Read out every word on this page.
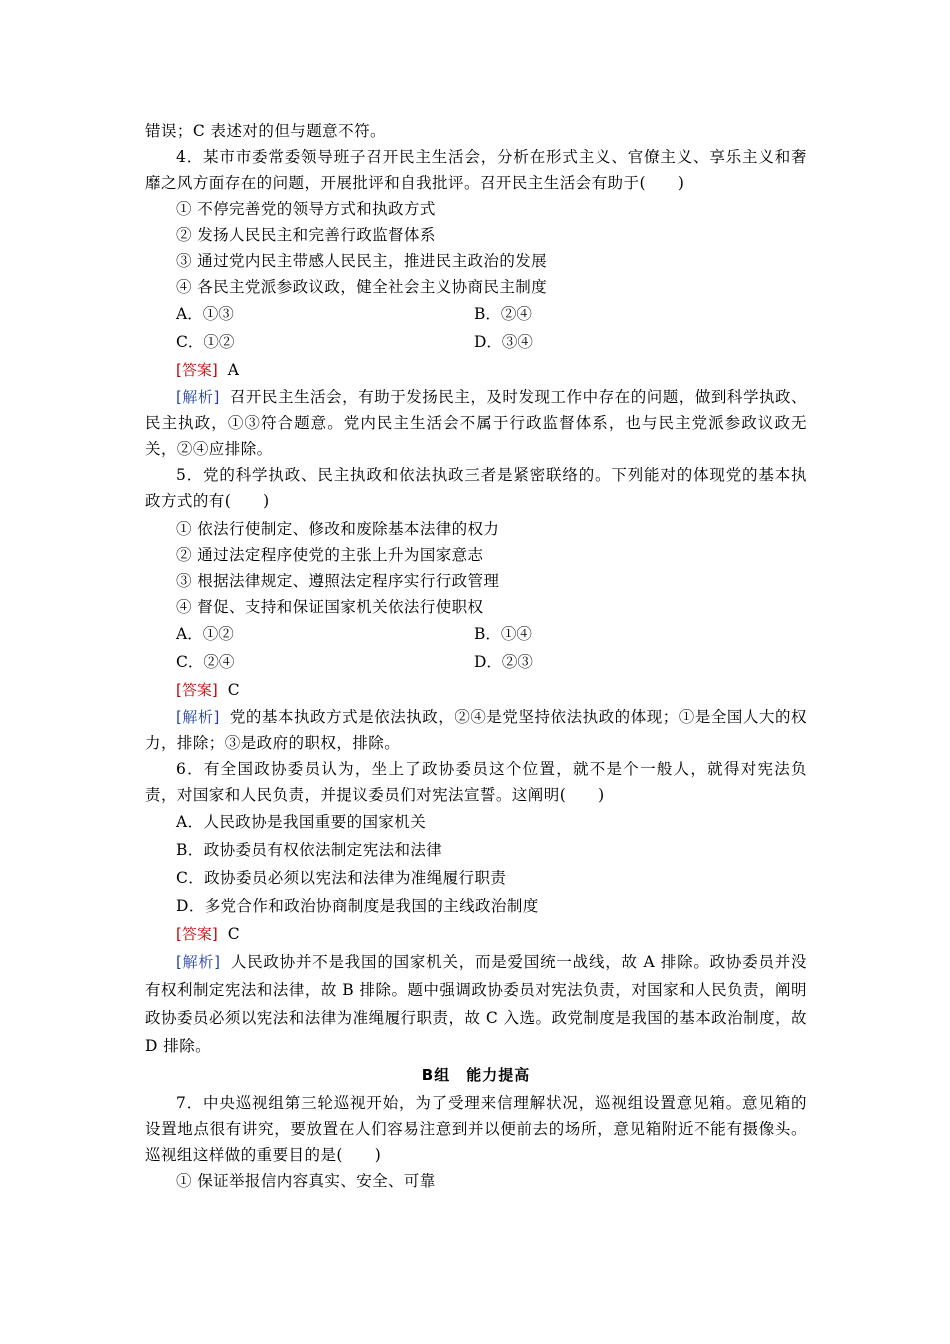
错误；C 表述对的但与题意不符。
4．某市市委常委领导班子召开民主生活会，分析在形式主义、官僚主义、享乐主义和奢靡之风方面存在的问题，开展批评和自我批评。召开民主生活会有助于(　　)
① 不停完善党的领导方式和执政方式
② 发扬人民民主和完善行政监督体系
③ 通过党内民主带感人民民主，推进民主政治的发展
④ 各民主党派参政议政，健全社会主义协商民主制度
A．①③	B．②④
C．①②	D．③④
[答案] A
[解析] 召开民主生活会，有助于发扬民主，及时发现工作中存在的问题，做到科学执政、民主执政，①③符合题意。党内民主生活会不属于行政监督体系，也与民主党派参政议政无关，②④应排除。
5．党的科学执政、民主执政和依法执政三者是紧密联络的。下列能对的体现党的基本执政方式的有(　　)
① 依法行使制定、修改和废除基本法律的权力
② 通过法定程序使党的主张上升为国家意志
③ 根据法律规定、遵照法定程序实行行政管理
④ 督促、支持和保证国家机关依法行使职权
A．①②	B．①④
C．②④	D．②③
[答案] C
[解析] 党的基本执政方式是依法执政，②④是党坚持依法执政的体现；①是全国人大的权力，排除；③是政府的职权，排除。
6．有全国政协委员认为，坐上了政协委员这个位置，就不是个一般人，就得对宪法负责，对国家和人民负责，并提议委员们对宪法宣誓。这阐明(　　)
A．人民政协是我国重要的国家机关
B．政协委员有权依法制定宪法和法律
C．政协委员必须以宪法和法律为准绳履行职责
D．多党合作和政治协商制度是我国的主线政治制度
[答案] C
[解析] 人民政协并不是我国的国家机关，而是爱国统一战线，故 A 排除。政协委员并没有权利制定宪法和法律，故 B 排除。题中强调政协委员对宪法负责，对国家和人民负责，阐明政协委员必须以宪法和法律为准绳履行职责，故 C 入选。政党制度是我国的基本政治制度，故 D 排除。
B组　能力提高
7．中央巡视组第三轮巡视开始，为了受理来信理解状况，巡视组设置意见箱。意见箱的设置地点很有讲究，要放置在人们容易注意到并以便前去的场所，意见箱附近不能有摄像头。巡视组这样做的重要目的是(　　)
① 保证举报信内容真实、安全、可靠
